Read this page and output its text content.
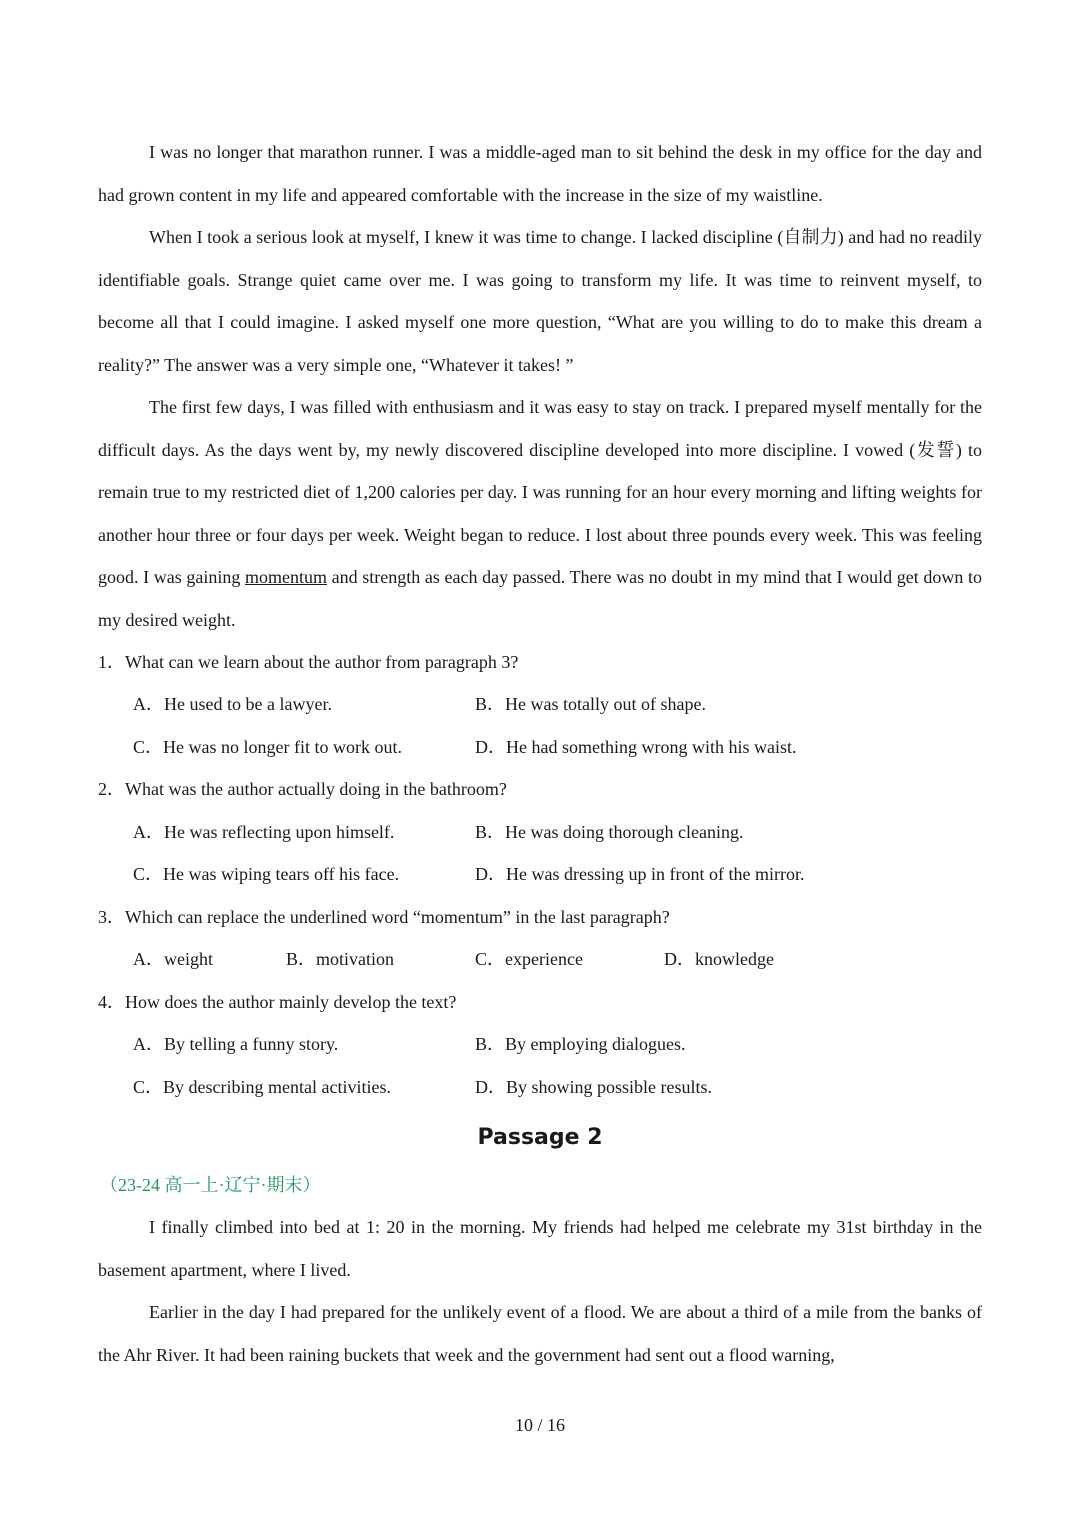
I was no longer that marathon runner. I was a middle-aged man to sit behind the desk in my office for the day and had grown content in my life and appeared comfortable with the increase in the size of my waistline.

When I took a serious look at myself, I knew it was time to change. I lacked discipline (自制力) and had no readily identifiable goals. Strange quiet came over me. I was going to transform my life. It was time to reinvent myself, to become all that I could imagine. I asked myself one more question, “What are you willing to do to make this dream a reality?” The answer was a very simple one, “Whatever it takes! ”

The first few days, I was filled with enthusiasm and it was easy to stay on track. I prepared myself mentally for the difficult days. As the days went by, my newly discovered discipline developed into more discipline. I vowed (发誓) to remain true to my restricted diet of 1,200 calories per day. I was running for an hour every morning and lifting weights for another hour three or four days per week. Weight began to reduce. I lost about three pounds every week. This was feeling good. I was gaining momentum and strength as each day passed. There was no doubt in my mind that I would get down to my desired weight.

1．What can we learn about the author from paragraph 3?
A．He used to be a lawyer.	B．He was totally out of shape.
C．He was no longer fit to work out.	D．He had something wrong with his waist.
2．What was the author actually doing in the bathroom?
A．He was reflecting upon himself.	B．He was doing thorough cleaning.
C．He was wiping tears off his face.	D．He was dressing up in front of the mirror.
3．Which can replace the underlined word “momentum” in the last paragraph?
A．weight	B．motivation	C．experience	D．knowledge
4．How does the author mainly develop the text?
A．By telling a funny story.	B．By employing dialogues.
C．By describing mental activities.	D．By showing possible results.
Passage 2
（23-24 高一上·辽宁·期末）

I finally climbed into bed at 1: 20 in the morning. My friends had helped me celebrate my 31st birthday in the basement apartment, where I lived.

Earlier in the day I had prepared for the unlikely event of a flood. We are about a third of a mile from the banks of the Ahr River. It had been raining buckets that week and the government had sent out a flood warning,

10 / 16
